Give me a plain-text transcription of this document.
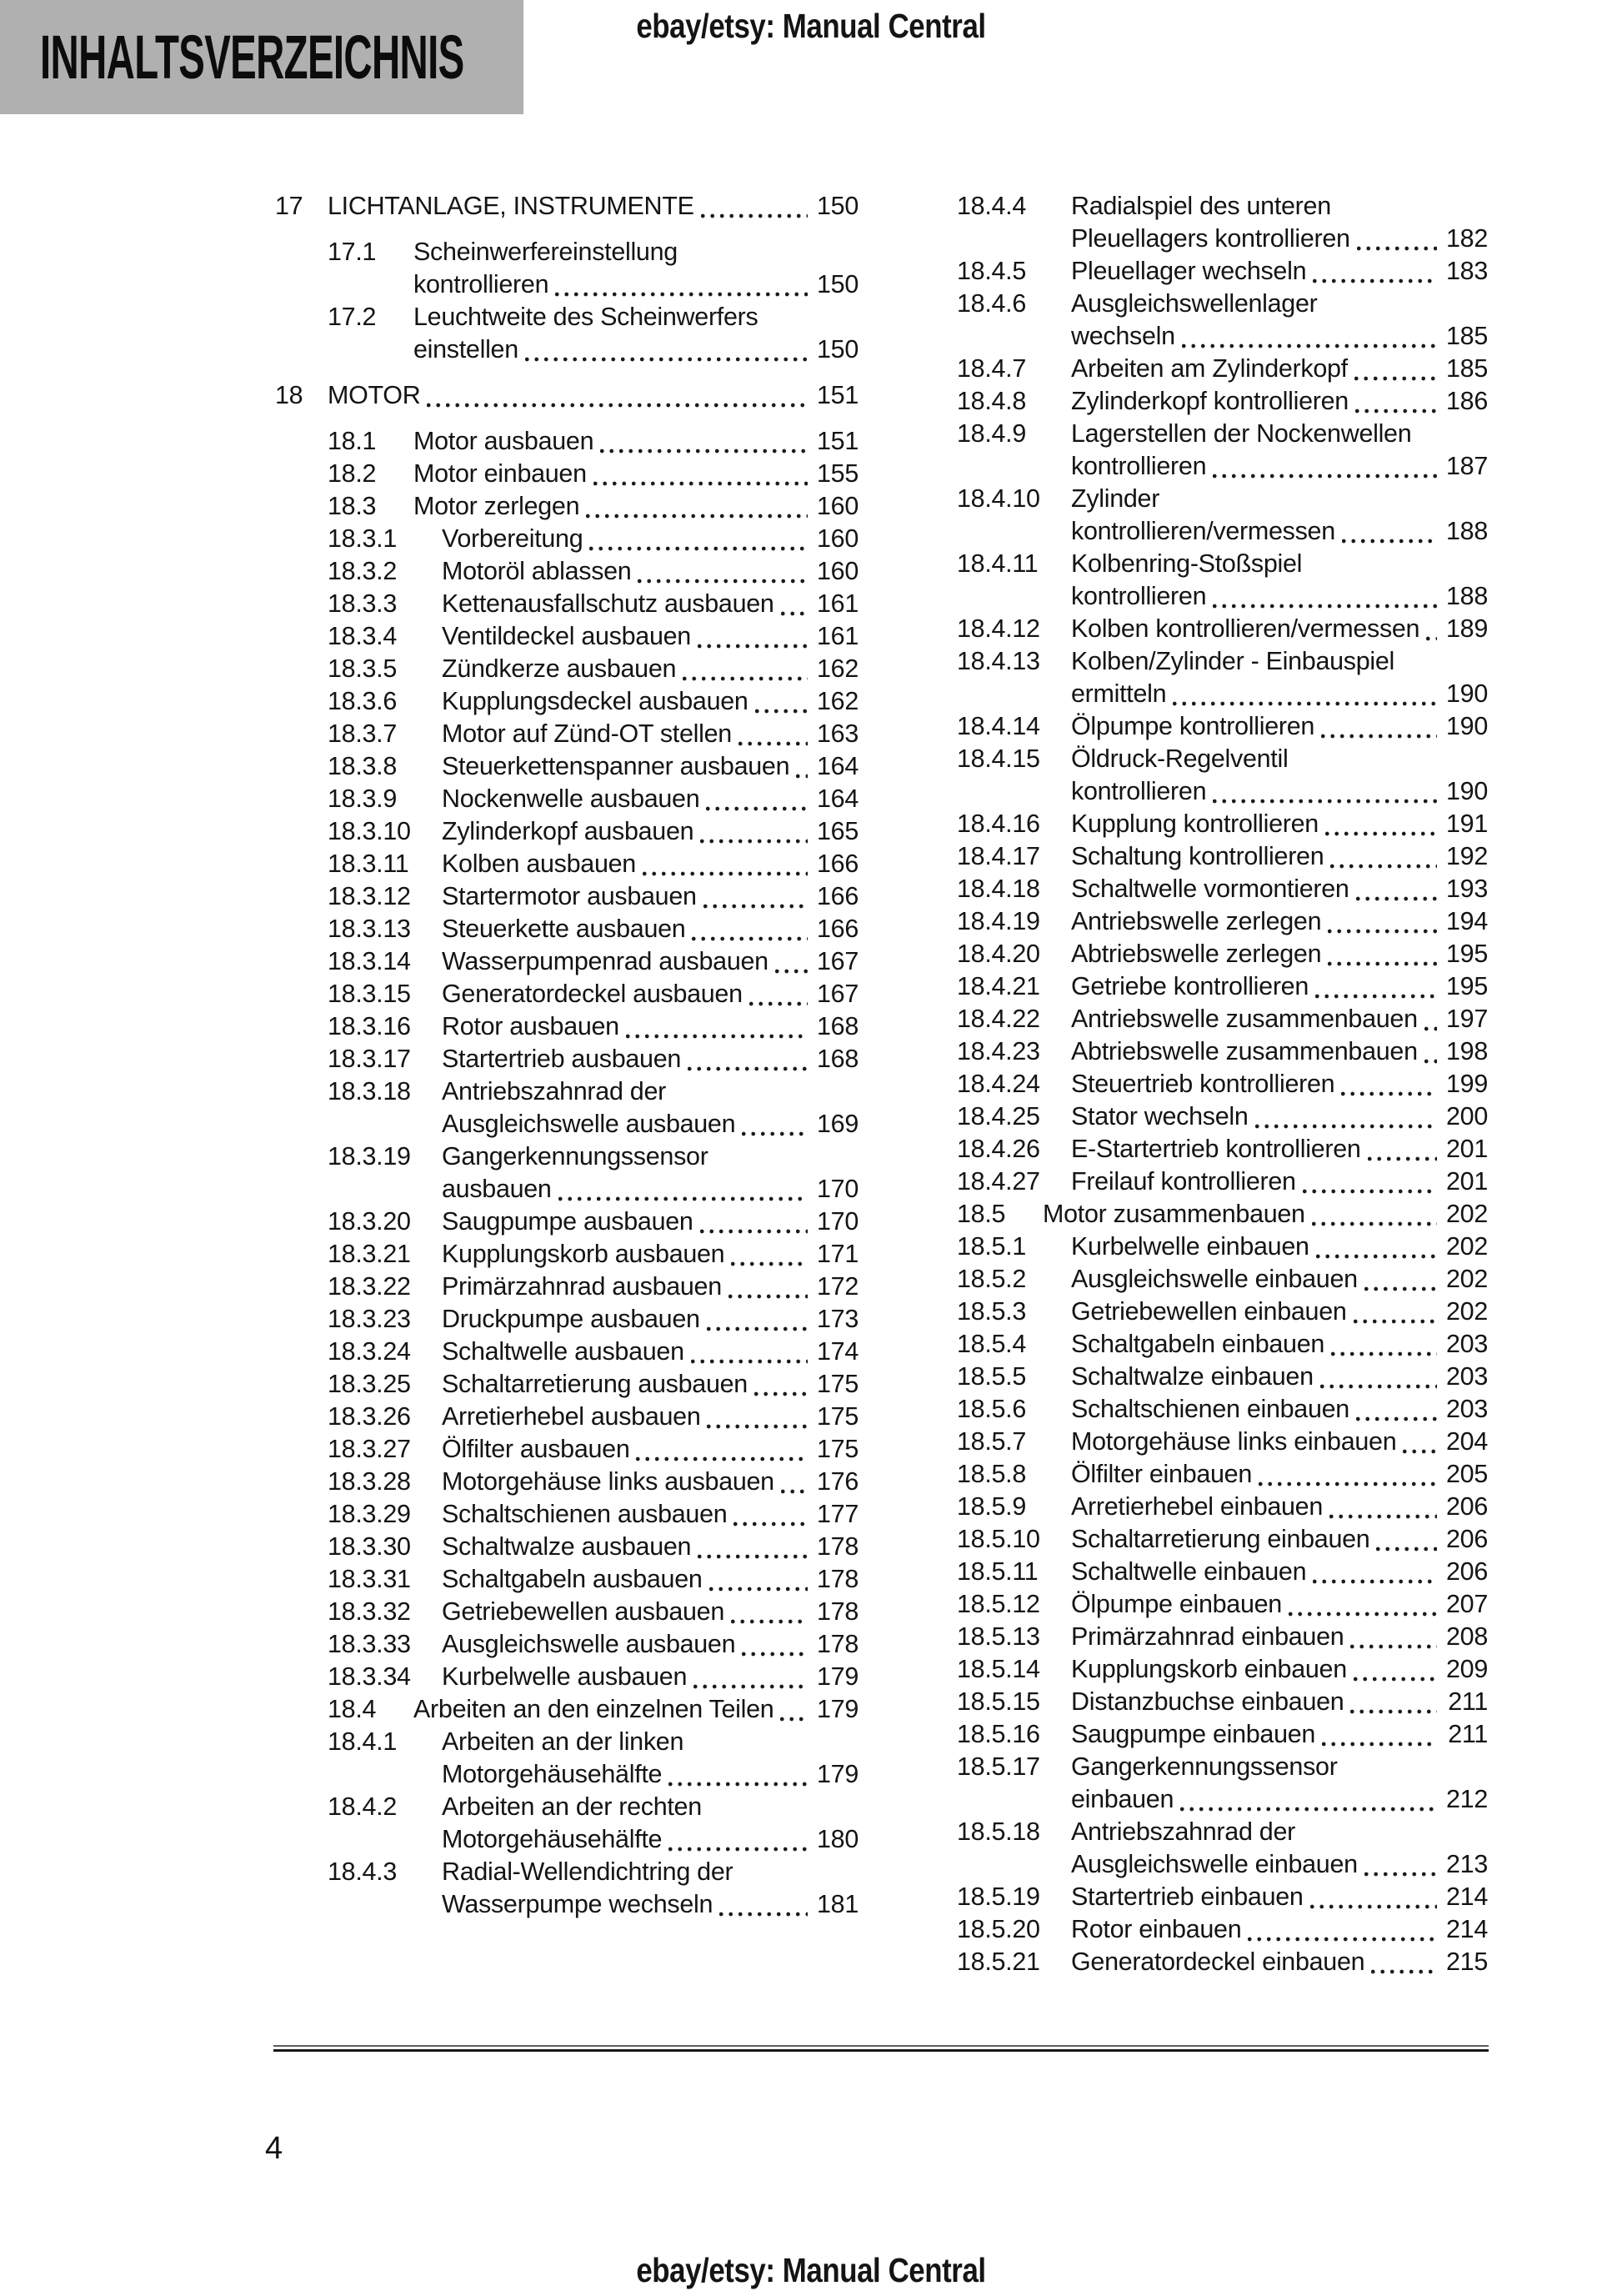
ebay/etsy: Manual Central
INHALTSVERZEICHNIS
17 LICHTANLAGE, INSTRUMENTE	150
17.1	Scheinwerfereinstellung
kontrollieren	150
17.2	Leuchtweite des Scheinwerfers
einstellen	150
18 MOTOR	151
18.1	Motor ausbauen	151
18.2	Motor einbauen	155
18.3	Motor zerlegen	160
18.3.1	Vorbereitung	160
18.3.2	Motoröl ablassen	160
18.3.3	Kettenausfallschutz ausbauen 161
18.3.4	Ventildeckel ausbauen	161
18.3.5	Zündkerze ausbauen	162
18.3.6	Kupplungsdeckel ausbauen	162
18.3.7	Motor auf Zünd-OT stellen	163
18.3.8	Steuerkettenspanner ausbauen 164
18.3.9	Nockenwelle ausbauen	164
18.3.10	Zylinderkopf ausbauen	165
18.3.11	Kolben ausbauen	166
18.3.12	Startermotor ausbauen	166
18.3.13	Steuerkette ausbauen	166
18.3.14	Wasserpumpenrad ausbauen 167
18.3.15	Generatordeckel ausbauen	167
18.3.16	Rotor ausbauen	168
18.3.17	Startertrieb ausbauen	168
18.3.18	Antriebszahnrad der
Ausgleichswelle ausbauen	169
18.3.19	Gangerkennungssensor
ausbauen	170
18.3.20	Saugpumpe ausbauen	170
18.3.21	Kupplungskorb ausbauen	171
18.3.22	Primärzahnrad ausbauen	172
18.3.23	Druckpumpe ausbauen	173
18.3.24	Schaltwelle ausbauen	174
18.3.25	Schaltarretierung ausbauen	175
18.3.26	Arretierhebel ausbauen	175
18.3.27	Ölfilter ausbauen	175
18.3.28	Motorgehäuse links ausbauen 176
18.3.29	Schaltschienen ausbauen	177
18.3.30	Schaltwalze ausbauen	178
18.3.31	Schaltgabeln ausbauen	178
18.3.32	Getriebewellen ausbauen	178
18.3.33	Ausgleichswelle ausbauen	178
18.3.34	Kurbelwelle ausbauen	179
18.4	Arbeiten an den einzelnen Teilen 179
18.4.1	Arbeiten an der linken
Motorgehäusehälfte	179
18.4.2	Arbeiten an der rechten
Motorgehäusehälfte	180
18.4.3	Radial-Wellendichtring der
Wasserpumpe wechseln	181
18.4.4	Radialspiel des unteren
Pleuellagers kontrollieren	182
18.4.5	Pleuellager wechseln	183
18.4.6	Ausgleichswellenlager
wechseln	185
18.4.7	Arbeiten am Zylinderkopf	185
18.4.8	Zylinderkopf kontrollieren	186
18.4.9	Lagerstellen der Nockenwellen
kontrollieren	187
18.4.10	Zylinder
kontrollieren/vermessen	188
18.4.11	Kolbenring-Stoßspiel
kontrollieren	188
18.4.12	Kolben kontrollieren/vermessen 189
18.4.13	Kolben/Zylinder - Einbauspiel
ermitteln	190
18.4.14	Ölpumpe kontrollieren	190
18.4.15	Öldruck-Regelventil
kontrollieren	190
18.4.16	Kupplung kontrollieren	191
18.4.17	Schaltung kontrollieren	192
18.4.18	Schaltwelle vormontieren	193
18.4.19	Antriebswelle zerlegen	194
18.4.20	Abtriebswelle zerlegen	195
18.4.21	Getriebe kontrollieren	195
18.4.22	Antriebswelle zusammenbauen 197
18.4.23	Abtriebswelle zusammenbauen 198
18.4.24	Steuertrieb kontrollieren	199
18.4.25	Stator wechseln	200
18.4.26	E-Startertrieb kontrollieren	201
18.4.27	Freilauf kontrollieren	201
18.5	Motor zusammenbauen	202
18.5.1	Kurbelwelle einbauen	202
18.5.2	Ausgleichswelle einbauen	202
18.5.3	Getriebewellen einbauen	202
18.5.4	Schaltgabeln einbauen	203
18.5.5	Schaltwalze einbauen	203
18.5.6	Schaltschienen einbauen	203
18.5.7	Motorgehäuse links einbauen 204
18.5.8	Ölfilter einbauen	205
18.5.9	Arretierhebel einbauen	206
18.5.10	Schaltarretierung einbauen	206
18.5.11	Schaltwelle einbauen	206
18.5.12	Ölpumpe einbauen	207
18.5.13	Primärzahnrad einbauen	208
18.5.14	Kupplungskorb einbauen	209
18.5.15	Distanzbuchse einbauen	211
18.5.16	Saugpumpe einbauen	211
18.5.17	Gangerkennungssensor
einbauen	212
18.5.18	Antriebszahnrad der
Ausgleichswelle einbauen	213
18.5.19	Startertrieb einbauen	214
18.5.20	Rotor einbauen	214
18.5.21	Generatordeckel einbauen	215
4
ebay/etsy: Manual Central
